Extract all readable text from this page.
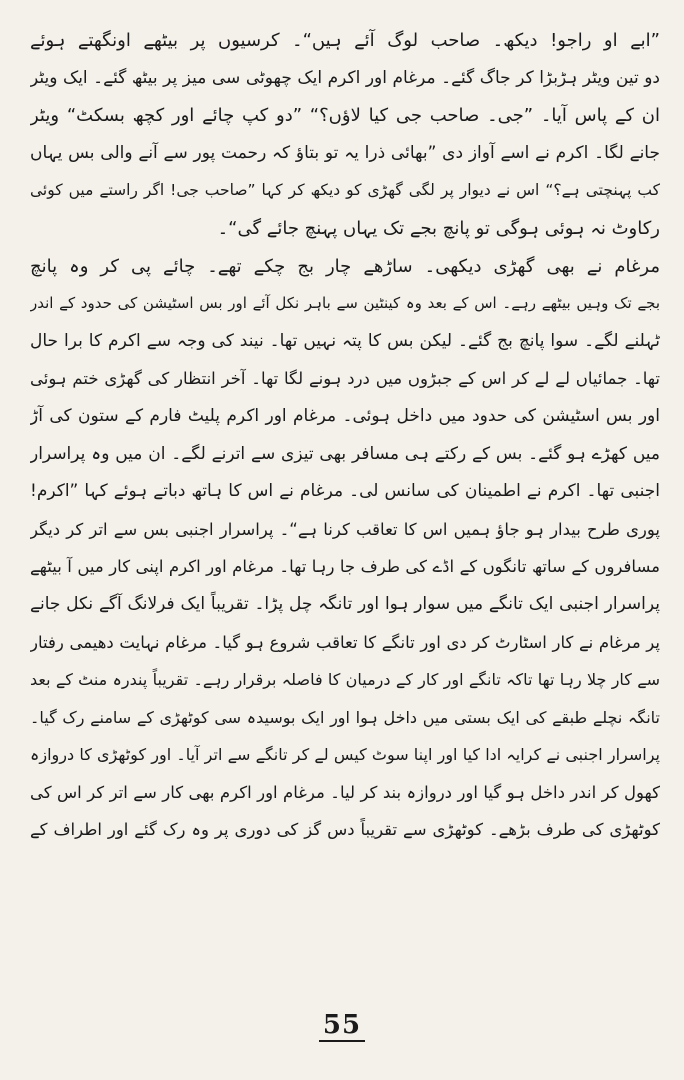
”ابے او راجو! دیکھ۔ صاحب لوگ آئے ہیں“۔ کرسیوں پر بیٹھے اونگھتے ہوئے
دو تین ویٹر ہڑبڑا کر جاگ گئے۔ مرغام اور اکرم ایک چھوٹی سی میز پر بیٹھ گئے۔ ایک ویٹر
ان کے پاس آیا۔ ”جی۔ صاحب جی کیا لاؤں؟“ ”دو کپ چائے اور کچھ بسکٹ“ ویٹر
جانے لگا۔ اکرم نے اسے آواز دی ”بھائی ذرا یہ تو بتاؤ کہ رحمت پور سے آنے والی بس یہاں
کب پہنچتی ہے؟“ اس نے دیوار پر لگی گھڑی کو دیکھ کر کہا ”صاحب جی! اگر راستے میں کوئی
رکاوٹ نہ ہوئی ہوگی تو پانچ بجے تک یہاں پہنچ جائے گی“۔
مرغام نے بھی گھڑی دیکھی۔ ساڑھے چار بج چکے تھے۔ چائے پی کر وہ پانچ
بجے تک وہیں بیٹھے رہے۔ اس کے بعد وہ کینٹین سے باہر نکل آئے اور بس اسٹیشن کی حدود کے اندر
ٹہلنے لگے۔ سوا پانچ بج گئے۔ لیکن بس کا پتہ نہیں تھا۔ نیند کی وجہ سے اکرم کا برا حال
تھا۔ جمائیاں لے لے کر اس کے جبڑوں میں درد ہونے لگا تھا۔ آخر انتظار کی گھڑی ختم ہوئی
اور بس اسٹیشن کی حدود میں داخل ہوئی۔ مرغام اور اکرم پلیٹ فارم کے ستون کی آڑ
میں کھڑے ہو گئے۔ بس کے رکتے ہی مسافر بھی تیزی سے اترنے لگے۔ ان میں وہ پراسرار
اجنبی تھا۔ اکرم نے اطمینان کی سانس لی۔ مرغام نے اس کا ہاتھ دباتے ہوئے کہا ”اکرم!
پوری طرح بیدار ہو جاؤ ہمیں اس کا تعاقب کرنا ہے“۔ پراسرار اجنبی بس سے اتر کر دیگر
مسافروں کے ساتھ تانگوں کے اڈے کی طرف جا رہا تھا۔ مرغام اور اکرم اپنی کار میں آ بیٹھے
پراسرار اجنبی ایک تانگے میں سوار ہوا اور تانگہ چل پڑا۔ تقریباً ایک فرلانگ آگے نکل جانے
پر مرغام نے کار اسٹارٹ کر دی اور تانگے کا تعاقب شروع ہو گیا۔ مرغام نہایت دھیمی رفتار
سے کار چلا رہا تھا تاکہ تانگے اور کار کے درمیان کا فاصلہ برقرار رہے۔ تقریباً پندرہ منٹ کے بعد
تانگہ نچلے طبقے کی ایک بستی میں داخل ہوا اور ایک بوسیدہ سی کوٹھڑی کے سامنے رک گیا۔
پراسرار اجنبی نے کرایہ ادا کیا اور اپنا سوٹ کیس لے کر تانگے سے اتر آیا۔ اور کوٹھڑی کا دروازہ
کھول کر اندر داخل ہو گیا اور دروازہ بند کر لیا۔ مرغام اور اکرم بھی کار سے اتر کر اس کی
کوٹھڑی کی طرف بڑھے۔ کوٹھڑی سے تقریباً دس گز کی دوری پر وہ رک گئے اور اطراف کے
55
